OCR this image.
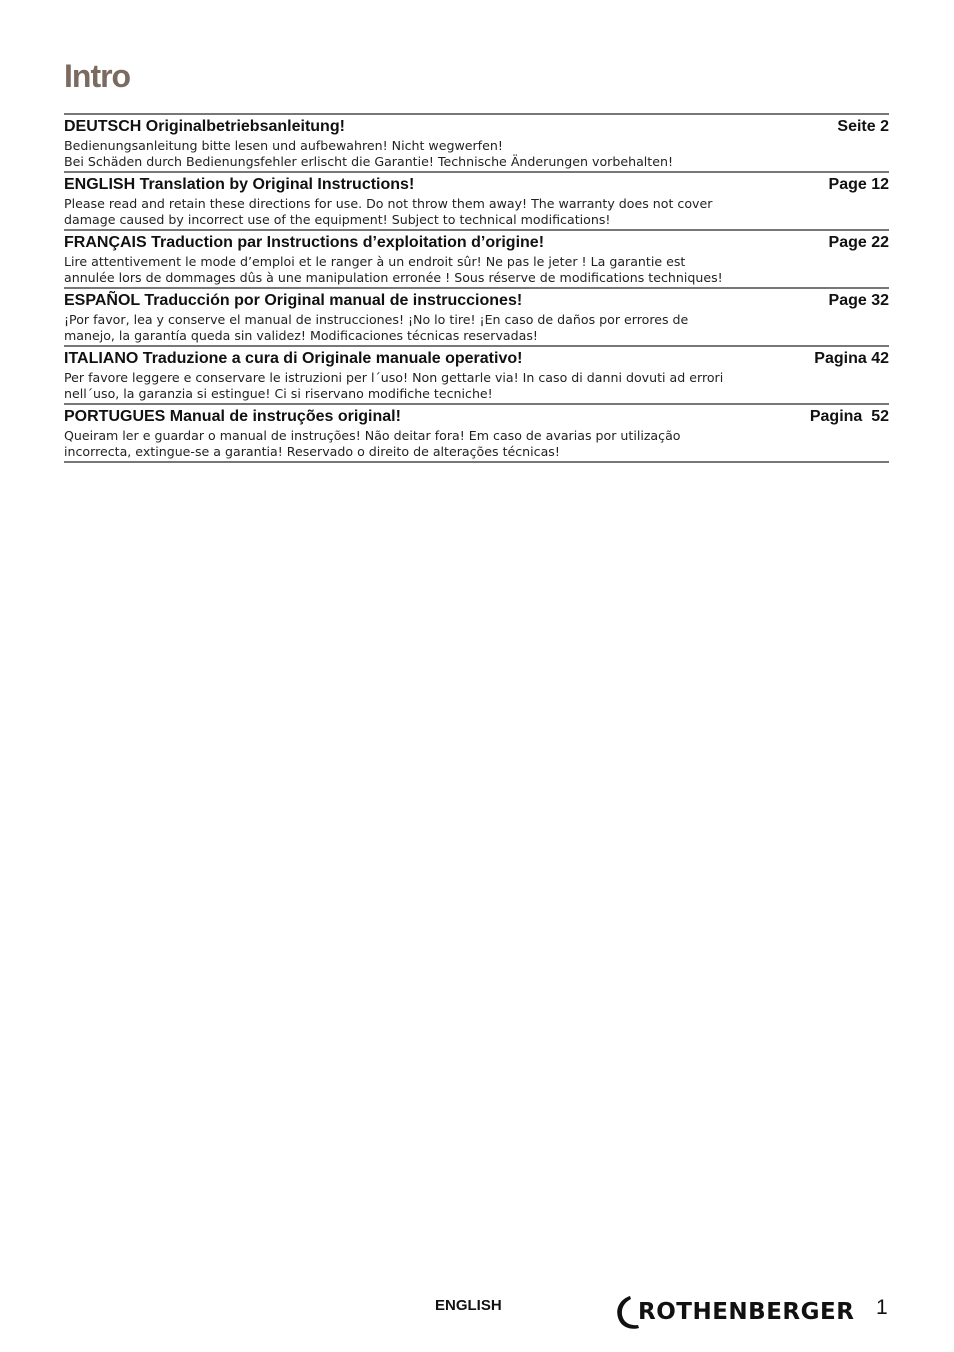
Intro
DEUTSCH Originalbetriebsanleitung!	Seite 2
Bedienungsanleitung bitte lesen und aufbewahren! Nicht wegwerfen!
Bei Schäden durch Bedienungsfehler erlischt die Garantie! Technische Änderungen vorbehalten!
ENGLISH Translation by Original Instructions!	Page 12
Please read and retain these directions for use. Do not throw them away! The warranty does not cover
damage caused by incorrect use of the equipment! Subject to technical modifications!
FRANÇAIS Traduction par Instructions d’exploitation d’origine!	Page 22
Lire attentivement le mode d’emploi et le ranger à un endroit sûr! Ne pas le jeter ! La garantie est
annulée lors de dommages dûs à une manipulation erronée ! Sous réserve de modifications techniques!
ESPAÑOL Traducción por Original manual de instrucciones!	Page 32
¡Por favor, lea y conserve el manual de instrucciones! ¡No lo tire! ¡En caso de daños por errores de
manejo, la garantía queda sin validez! Modificaciones técnicas reservadas!
ITALIANO Traduzione a cura di Originale manuale operativo!	Pagina 42
Per favore leggere e conservare le istruzioni per l´uso! Non gettarle via! In caso di danni dovuti ad errori
nell´uso, la garanzia si estingue! Ci si riservano modifiche tecniche!
PORTUGUES Manual de instruções original!	Pagina  52
Queiram ler e guardar o manual de instruções! Não deitar fora! Em caso de avarias por utilização
incorrecta, extingue-se a garantia! Reservado o direito de alterações técnicas!
ENGLISH	ROTHENBERGER 1
